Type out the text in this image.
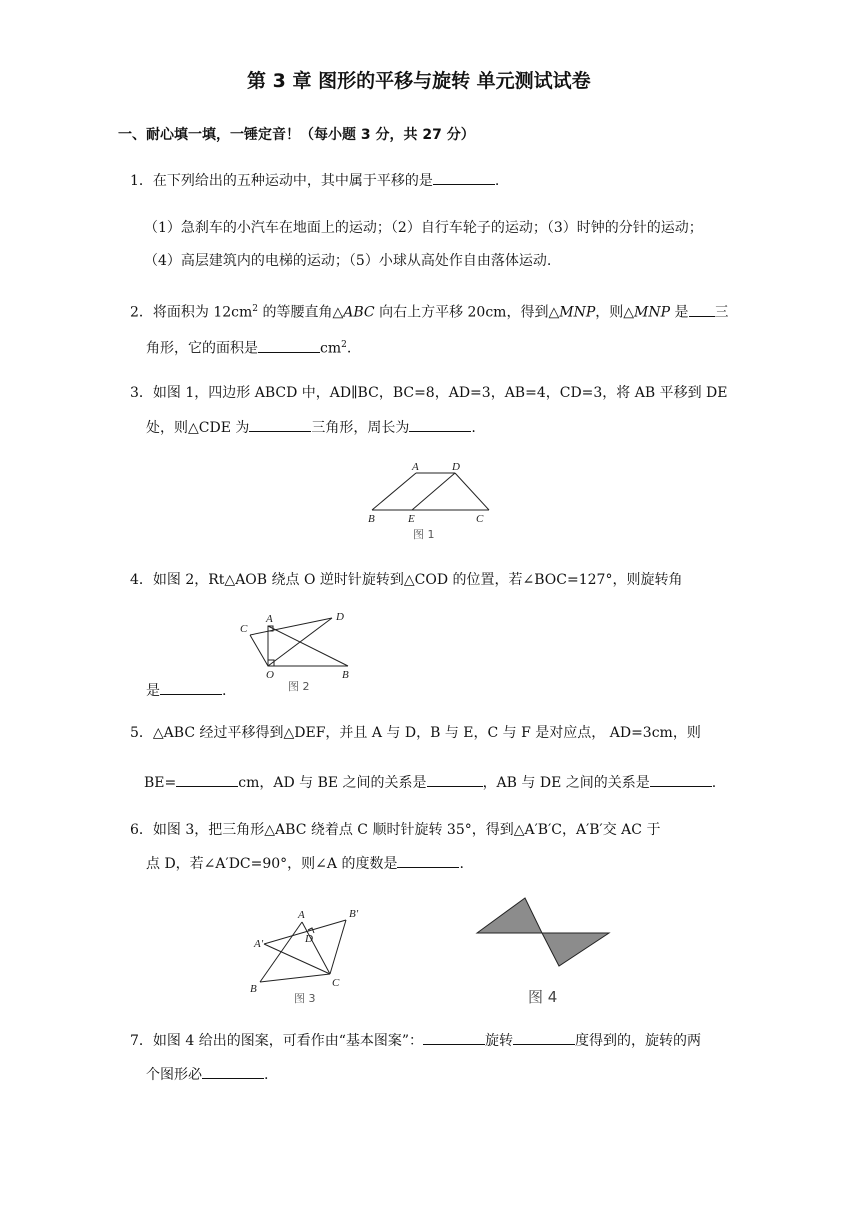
第 3 章 图形的平移与旋转 单元测试试卷
一、耐心填一填，一锤定音！（每小题 3 分，共 27 分）
1．在下列给出的五种运动中，其中属于平移的是	.
（1）急刹车的小汽车在地面上的运动；（2）自行车轮子的运动；（3）时钟的分针的运动；
（4）高层建筑内的电梯的运动；（5）小球从高处作自由落体运动.
2．将面积为 $12cm^2$ 的等腰直角△ABC 向右上方平移 20cm，得到△MNP，则△MNP 是 三
角形，它的面积是	$cm^2$.
3．如图 1，四边形 ABCD 中，AD∥BC，BC=8，AD=3，AB=4，CD=3，将 AB 平移到 DE
处，则△CDE 为	三角形，周长为	.
A	D
B	E	C
图 1
4．如图 2，Rt△AOB 绕点 O 逆时针旋转到△COD 的位置，若∠BOC=127°，则旋转角
是	.
C
A	D
O	B
图 2
5．△ABC 经过平移得到△DEF，并且 A 与 D，B 与 E，C 与 F 是对应点， AD=3cm，则
BE=	cm，AD 与 BE 之间的关系是	，AB 与 DE 之间的关系是	.
6．如图 3，把三角形△ABC 绕着点 C 顺时针旋转 35°，得到△A′B′C，A′B′交 AC 于
点 D，若∠A′DC=90°，则∠A 的度数是	.
A	B′
A′	D
B	C
图 3	图 4
7．如图 4 给出的图案，可看作由“基本图案”：	旋转	度得到的，旋转的两
个图形必	.
